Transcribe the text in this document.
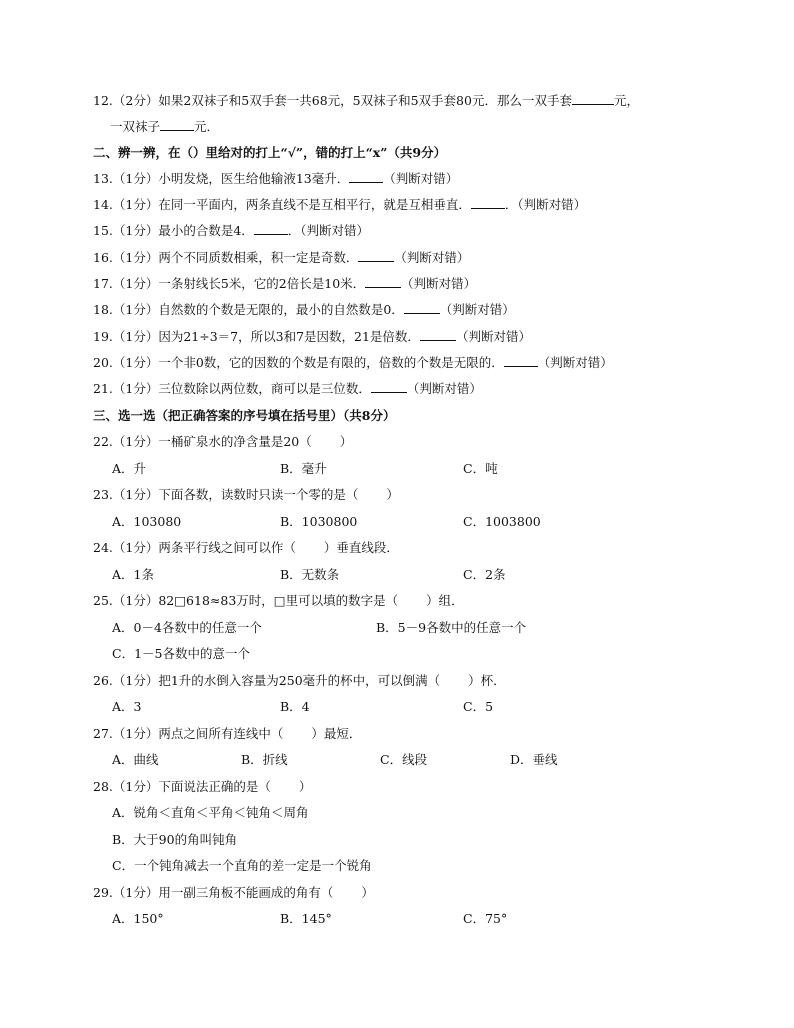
12.（2分）如果2双袜子和5双手套一共68元，5双袜子和5双手套80元．那么一双手套	元，
一双袜子	元．
二、辨一辨，在（）里给对的打上“√”，错的打上“x”（共9分）
13.（1分）小明发烧，医生给他输液13毫升．	（判断对错）
14.（1分）在同一平面内，两条直线不是互相平行，就是互相垂直．	．（判断对错）
15.（1分）最小的合数是4．	．（判断对错）
16.（1分）两个不同质数相乘，积一定是奇数．	（判断对错）
17.（1分）一条射线长5米，它的2倍长是10米．	（判断对错）
18.（1分）自然数的个数是无限的，最小的自然数是0．	（判断对错）
19.（1分）因为21÷3＝7，所以3和7是因数，21是倍数．	（判断对错）
20.（1分）一个非0数，它的因数的个数是有限的，倍数的个数是无限的．	（判断对错）
21.（1分）三位数除以两位数，商可以是三位数．	（判断对错）
三、选一选（把正确答案的序号填在括号里）（共8分）
22.（1分）一桶矿泉水的净含量是20（ ）
A．升	B．毫升	C．吨
23.（1分）下面各数，读数时只读一个零的是（ ）
A．103080	B．1030800	C．1003800
24.（1分）两条平行线之间可以作（ ）垂直线段．
A．1条	B．无数条	C．2条
25.（1分）82□618≈83万时，□里可以填的数字是（ ）组．
A．0－4各数中的任意一个	B．5－9各数中的任意一个
C．1－5各数中的意一个
26.（1分）把1升的水倒入容量为250毫升的杯中，可以倒满（ ）杯．
A．3	B．4	C．5
27.（1分）两点之间所有连线中（ ）最短．
A．曲线	B．折线	C．线段	D．垂线
28.（1分）下面说法正确的是（ ）
A．锐角＜直角＜平角＜钝角＜周角
B．大于90的角叫钝角
C．一个钝角减去一个直角的差一定是一个锐角
29.（1分）用一副三角板不能画成的角有（ ）
A．150°	B．145°	C．75°
